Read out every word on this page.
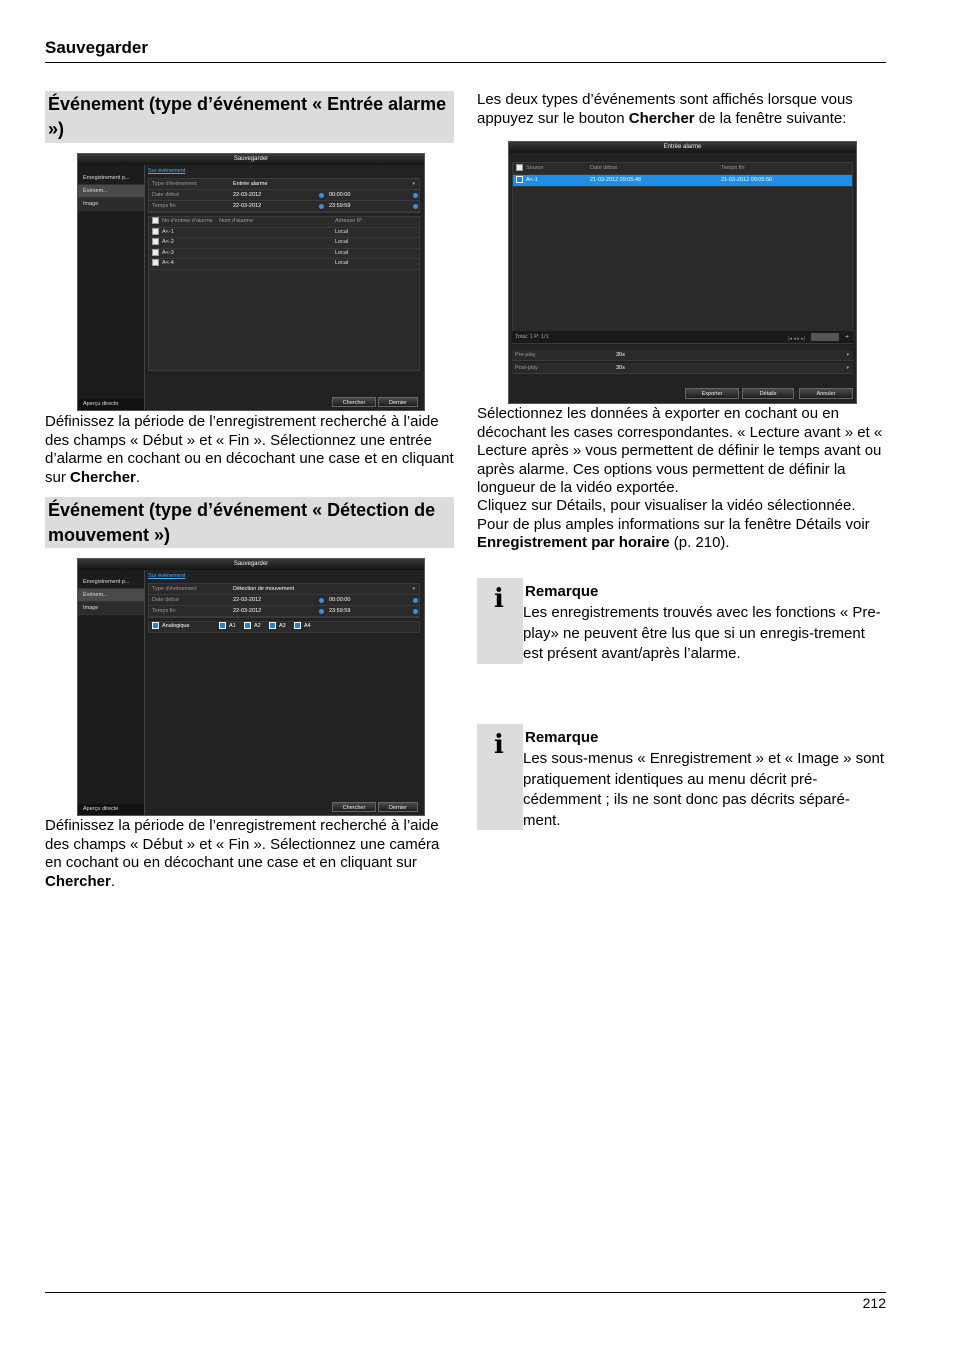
Sauvegarder
Événement (type d’événement « Entrée alarme »)
Sauvegarder
Enregistrement p...
Événem...
Image
Aperçu directo
Sur événement
Type d'événement	Entrée alarme	▾
Date début	22-03-2012	00:00:00
Temps fin	22-03-2012	23:59:59
No d'entrée d'alarme Nom d'alarme	Adresse IP
A<-1	Local
A<-2	Local
A<-3	Local
A<-4	Local
Chercher	Dernier
Définissez la période de l’enregistrement recherché à l’aide des champs « Début » et « Fin ». Sélectionnez une entrée d’alarme en cochant ou en décochant une case et en cliquant sur Chercher.
Événement (type d’événement « Détection de mouvement »)
Sauvegarder
Enregistrement p...
Événem...
Image
Aperçu directe
Sur événement
Type d'événement	Détection de mouvement	▾
Date début	22-03-2012	00:00:00
Temps fin	22-03-2012	23:59:59
Analogique	A1	A2	A3	A4
Chercher	Dernier
Définissez la période de l’enregistrement recherché à l’aide des champs « Début » et « Fin ». Sélectionnez une caméra en cochant ou en décochant une case et en cliquant sur Chercher.
Les deux types d’événements sont affichés lorsque vous appuyez sur le bouton Chercher de la fenêtre suivante:
Entrée alarme
Source	Date début	Temps fin
A<-1	21-03-2012 09:05:48	21-03-2012 09:05:50
Total: 1 P: 1/1	|◂ ◂ ▸ ▸|	➔
Pre-play	30s	▾
Post-play	30s	▾
Exporter	Détails	Annuler
Sélectionnez les données à exporter en cochant ou en décochant les cases correspondantes. « Lecture avant » et « Lecture après » vous permettent de définir le temps avant ou après alarme. Ces options vous permettent de définir la longueur de la vidéo exportée.
Cliquez sur Détails, pour visualiser la vidéo sélectionnée. Pour de plus amples informations sur la fenêtre Détails voir Enregistrement par horaire (p. 210).
i Remarque
Les enregistrements trouvés avec les fonctions « Pre-play» ne peuvent être lus que si un enregis-trement est présent avant/après l’alarme.
i Remarque
Les sous-menus « Enregistrement » et « Image » sont pratiquement identiques au menu décrit pré-cédemment ; ils ne sont donc pas décrits séparé-ment.
212
